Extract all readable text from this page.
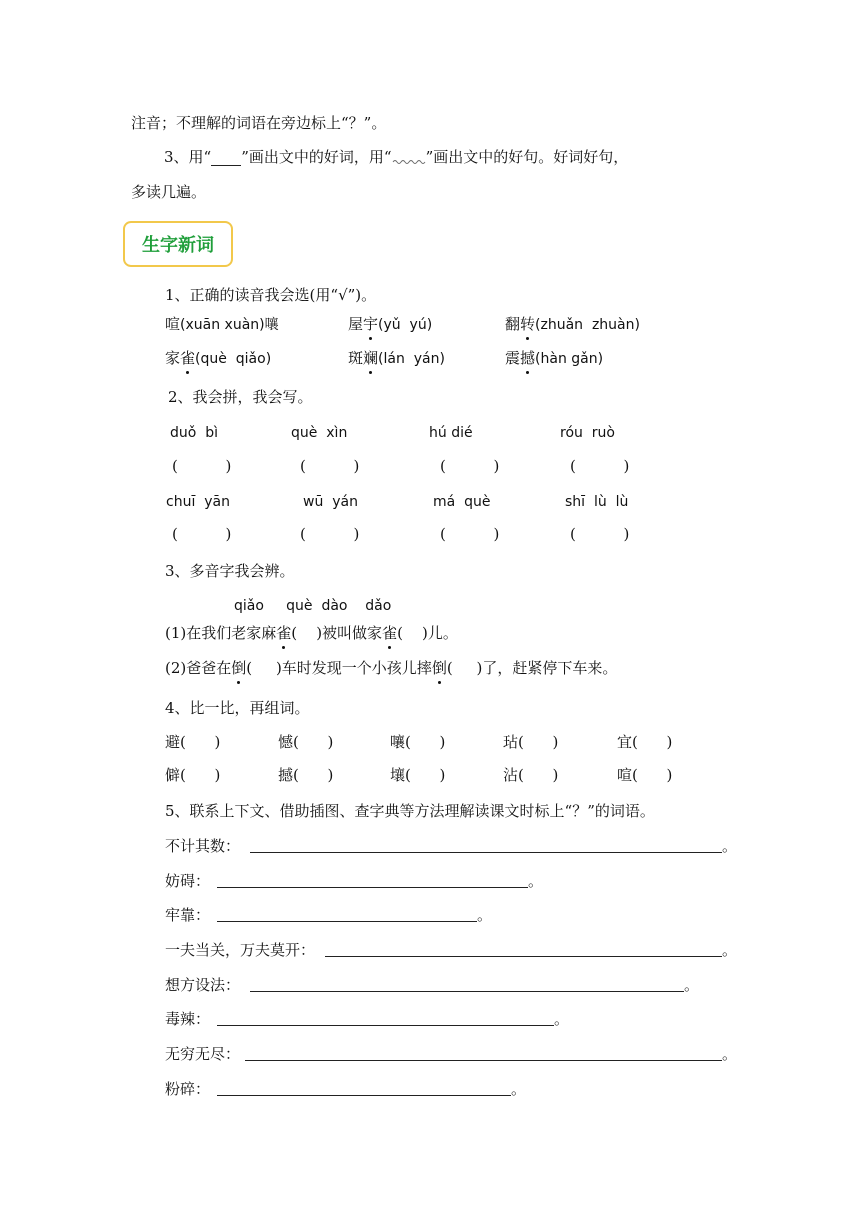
注音；不理解的词语在旁边标上“？”。
3、用“ ”画出文中的好词，用“ ”画出文中的好句。好词好句，
多读几遍。
生字新词
1、正确的读音我会选(用“√”)。
喧(xuān xuàn)嚷	屋宇(yǔ  yú)	翻转(zhuǎn  zhuàn)
家雀(què  qiǎo)	斑斓(lán  yán)	震撼(hàn gǎn)
2、我会拼，我会写。
duǒ  bì	què  xìn	hú dié	róu  ruò
(          )	(          )	(          )	(          )
chuī  yān	wū  yán	má  què	shī  lù  lù
(          )	(          )	(          )	(          )
3、多音字我会辨。
qiǎo     què  dào    dǎo
(1)在我们老家麻雀(    )被叫做家雀(    )儿。
(2)爸爸在倒(     )车时发现一个小孩儿摔倒(     )了，赶紧停下车来。
4、比一比，再组词。
避(      )	憾(      )	嚷(      )	玷(      )	宜(      )
僻(      )	撼(      )	壤(      )	沾(      )	喧(      )
5、联系上下文、借助插图、查字典等方法理解读课文时标上“？”的词语。
不计其数：	。
妨碍：	。
牢靠：	。
一夫当关，万夫莫开：	。
想方设法：	。
毒辣：	。
无穷无尽：	。
粉碎：	。
